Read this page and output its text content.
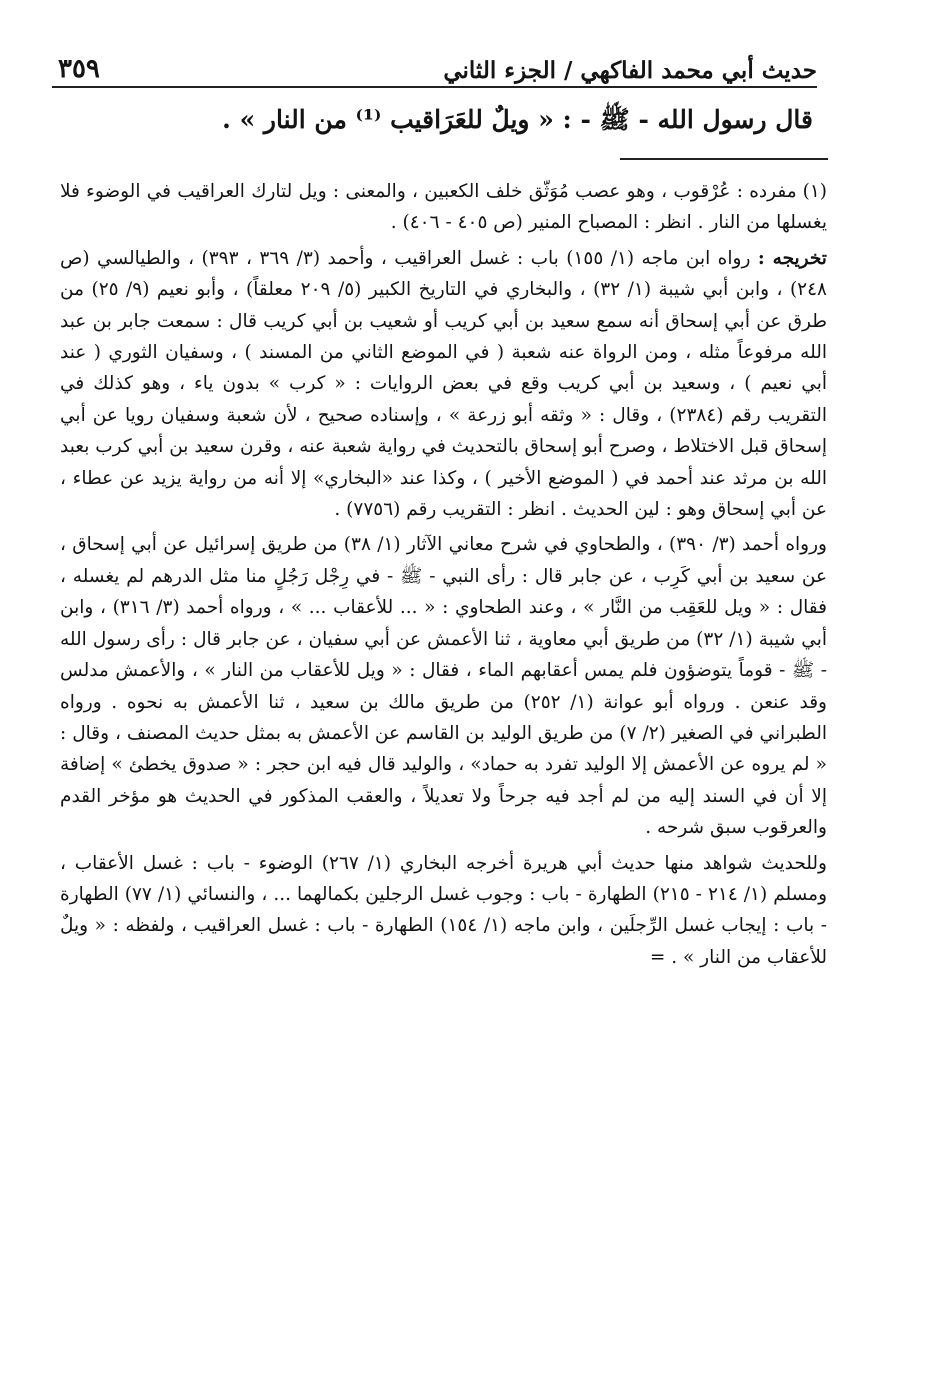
حديث أبي محمد الفاكهي / الجزء الثاني
٣٥٩
قال رسول الله - ﷺ - : « ويلٌ للعَرَاقيب ⁽¹⁾ من النار » .

(١)مفرده : عُرْقوب ، وهو عصب مُوَثّق خلف الكعبين ، والمعنى : ويل لتارك العراقيب في الوضوء فلا يغسلها من النار . انظر : المصباح المنير (ص ٤٠٥ - ٤٠٦) .

تخريجه : رواه ابن ماجه (١/ ١٥٥) باب : غسل العراقيب ، وأحمد (٣/ ٣٦٩ ، ٣٩٣) ، والطيالسي (ص ٢٤٨) ، وابن أبي شيبة (١/ ٣٢) ، والبخاري في التاريخ الكبير (٥/ ٢٠٩ معلقاً) ، وأبو نعيم (٩/ ٢٥) من طرق عن أبي إسحاق أنه سمع سعيد بن أبي كريب أو شعيب بن أبي كريب قال : سمعت جابر بن عبد الله مرفوعاً مثله ، ومن الرواة عنه شعبة ( في الموضع الثاني من المسند ) ، وسفيان الثوري ( عند أبي نعيم ) ، وسعيد بن أبي كريب وقع في بعض الروايات : « كرب » بدون ياء ، وهو كذلك في التقريب رقم (٢٣٨٤) ، وقال : « وثقه أبو زرعة » ، وإسناده صحيح ، لأن شعبة وسفيان رويا عن أبي إسحاق قبل الاختلاط ، وصرح أبو إسحاق بالتحديث في رواية شعبة عنه ، وقرن سعيد بن أبي كرب بعبد الله بن مرثد عند أحمد في ( الموضع الأخير ) ، وكذا عند «البخاري» إلا أنه من رواية يزيد عن عطاء ، عن أبي إسحاق وهو : لين الحديث . انظر : التقريب رقم (٧٧٥٦) .

ورواه أحمد (٣/ ٣٩٠) ، والطحاوي في شرح معاني الآثار (١/ ٣٨) من طريق إسرائيل عن أبي إسحاق ، عن سعيد بن أبي كَرِب ، عن جابر قال : رأى النبي - ﷺ - في رِجْل رَجُلٍ منا مثل الدرهم لم يغسله ، فقال : « ويل للعَقِب من النَّار » ، وعند الطحاوي : « ... للأعقاب ... » ، ورواه أحمد (٣/ ٣١٦) ، وابن أبي شيبة (١/ ٣٢) من طريق أبي معاوية ، ثنا الأعمش عن أبي سفيان ، عن جابر قال : رأى رسول الله - ﷺ - قوماً يتوضؤون فلم يمس أعقابهم الماء ، فقال : « ويل للأعقاب من النار » ، والأعمش مدلس وقد عنعن . ورواه أبو عوانة (١/ ٢٥٢) من طريق مالك بن سعيد ، ثنا الأعمش به نحوه . ورواه الطبراني في الصغير (٢/ ٧) من طريق الوليد بن القاسم عن الأعمش به بمثل حديث المصنف ، وقال : « لم يروه عن الأعمش إلا الوليد تفرد به حماد» ، والوليد قال فيه ابن حجر : « صدوق يخطئ » إضافة إلا أن في السند إليه من لم أجد فيه جرحاً ولا تعديلاً ، والعقب المذكور في الحديث هو مؤخر القدم والعرقوب سبق شرحه .

وللحديث شواهد منها حديث أبي هريرة أخرجه البخاري (١/ ٢٦٧) الوضوء - باب : غسل الأعقاب ، ومسلم (١/ ٢١٤ - ٢١٥) الطهارة - باب : وجوب غسل الرجلين بكمالهما ... ، والنسائي (١/ ٧٧) الطهارة - باب : إيجاب غسل الرِّجلَين ، وابن ماجه (١/ ١٥٤) الطهارة - باب : غسل العراقيب ، ولفظه : « ويلٌ للأعقاب من النار » . =
